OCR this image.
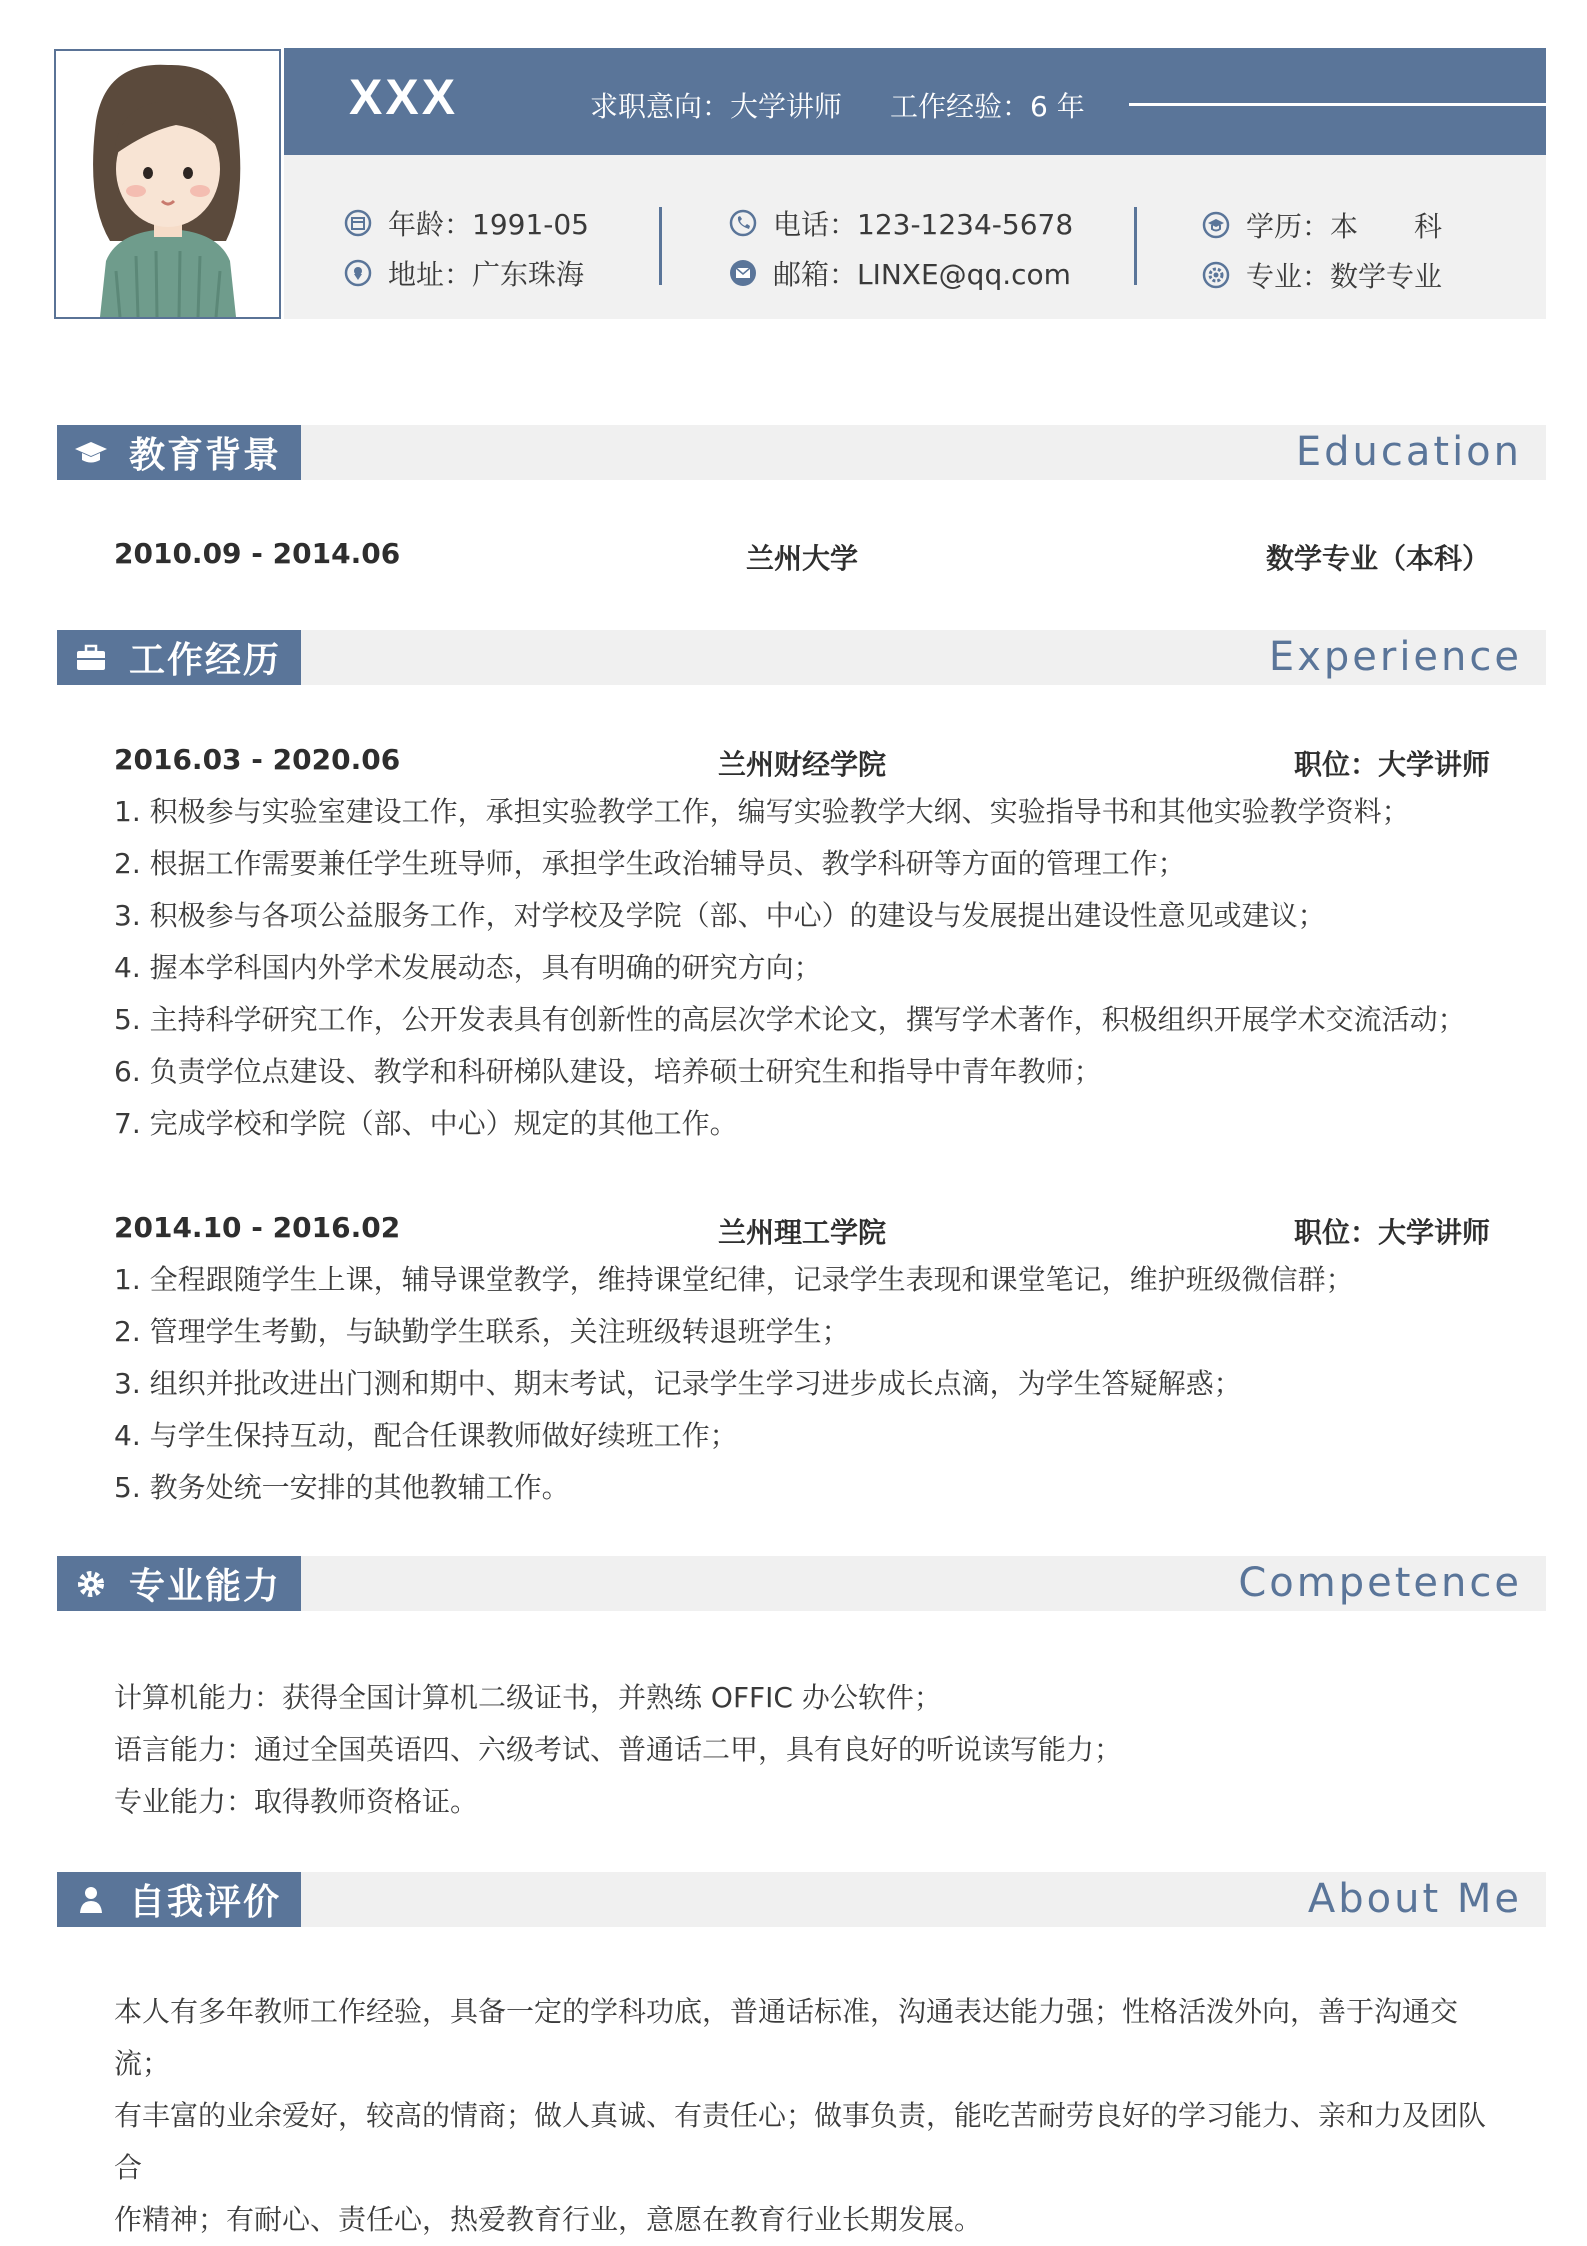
XXX	求职意向：大学讲师 工作经验：6 年
年龄：1991-05
地址：广东珠海
电话：123-1234-5678
邮箱：LINXE@qq.com
学历：本　　科
专业：数学专业
教育背景	Education
2010.09 - 2014.06	兰州大学	数学专业（本科）
工作经历	Experience
2016.03 - 2020.06	兰州财经学院	职位：大学讲师
1. 积极参与实验室建设工作，承担实验教学工作，编写实验教学大纲、实验指导书和其他实验教学资料；
2. 根据工作需要兼任学生班导师，承担学生政治辅导员、教学科研等方面的管理工作；
3. 积极参与各项公益服务工作，对学校及学院（部、中心）的建设与发展提出建设性意见或建议；
4. 握本学科国内外学术发展动态，具有明确的研究方向；
5. 主持科学研究工作，公开发表具有创新性的高层次学术论文，撰写学术著作，积极组织开展学术交流活动；
6. 负责学位点建设、教学和科研梯队建设，培养硕士研究生和指导中青年教师；
7. 完成学校和学院（部、中心）规定的其他工作。
2014.10 - 2016.02	兰州理工学院	职位：大学讲师
1. 全程跟随学生上课，辅导课堂教学，维持课堂纪律，记录学生表现和课堂笔记，维护班级微信群；
2. 管理学生考勤，与缺勤学生联系，关注班级转退班学生；
3. 组织并批改进出门测和期中、期末考试，记录学生学习进步成长点滴，为学生答疑解惑；
4. 与学生保持互动，配合任课教师做好续班工作；
5. 教务处统一安排的其他教辅工作。
专业能力	Competence
计算机能力：获得全国计算机二级证书，并熟练 OFFIC 办公软件；
语言能力：通过全国英语四、六级考试、普通话二甲，具有良好的听说读写能力；
专业能力：取得教师资格证。
自我评价	About Me
本人有多年教师工作经验，具备一定的学科功底，普通话标准，沟通表达能力强；性格活泼外向，善于沟通交流；
有丰富的业余爱好，较高的情商；做人真诚、有责任心；做事负责，能吃苦耐劳良好的学习能力、亲和力及团队合
作精神；有耐心、责任心，热爱教育行业，意愿在教育行业长期发展。
